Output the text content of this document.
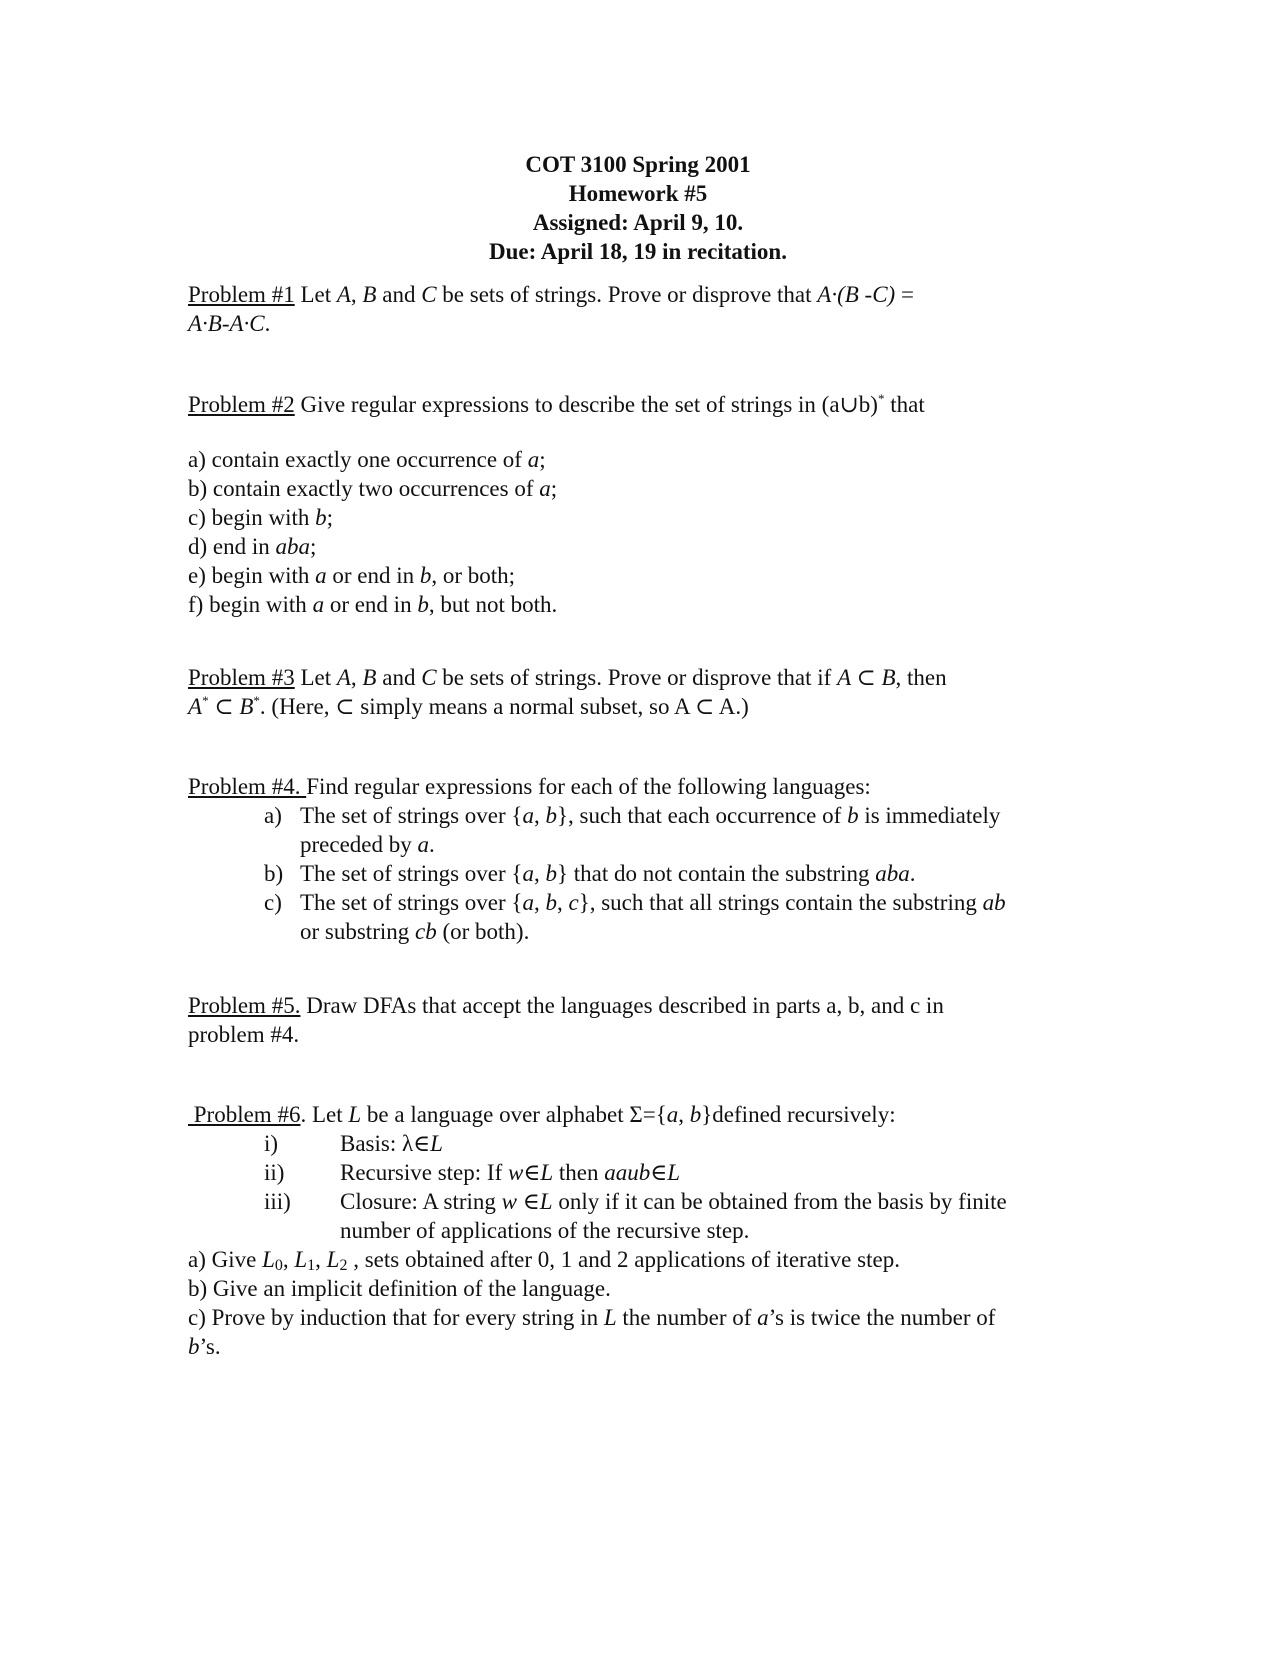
COT 3100 Spring 2001
Homework #5
Assigned: April 9, 10.
Due: April 18, 19 in recitation.
Problem #1 Let A, B and C be sets of strings. Prove or disprove that A·(B -C) =
A·B-A·C.
Problem #2 Give regular expressions to describe the set of strings in (a∪b)* that
a) contain exactly one occurrence of a;
b) contain exactly two occurrences of a;
c) begin with b;
d) end in aba;
e) begin with a or end in b, or both;
f) begin with a or end in b, but not both.
Problem #3 Let A, B and C be sets of strings. Prove or disprove that if A ⊂ B, then
A* ⊂ B*. (Here, ⊂ simply means a normal subset, so A ⊂ A.)
Problem #4. Find regular expressions for each of the following languages:
a) The set of strings over {a, b}, such that each occurrence of b is immediately
preceded by a.
b) The set of strings over {a, b} that do not contain the substring aba.
c) The set of strings over {a, b, c}, such that all strings contain the substring ab
or substring cb (or both).
Problem #5. Draw DFAs that accept the languages described in parts a, b, and c in
problem #4.
Problem #6. Let L be a language over alphabet Σ={a, b}defined recursively:
i)	Basis: λ∈L
ii) Recursive step: If w∈L then aaub∈L
iii) Closure: A string w ∈L only if it can be obtained from the basis by finite
number of applications of the recursive step.
a) Give $L_0$, $L_1$, $L_2$ , sets obtained after 0, 1 and 2 applications of iterative step.
b) Give an implicit definition of the language.
c) Prove by induction that for every string in L the number of a’s is twice the number of
b’s.
